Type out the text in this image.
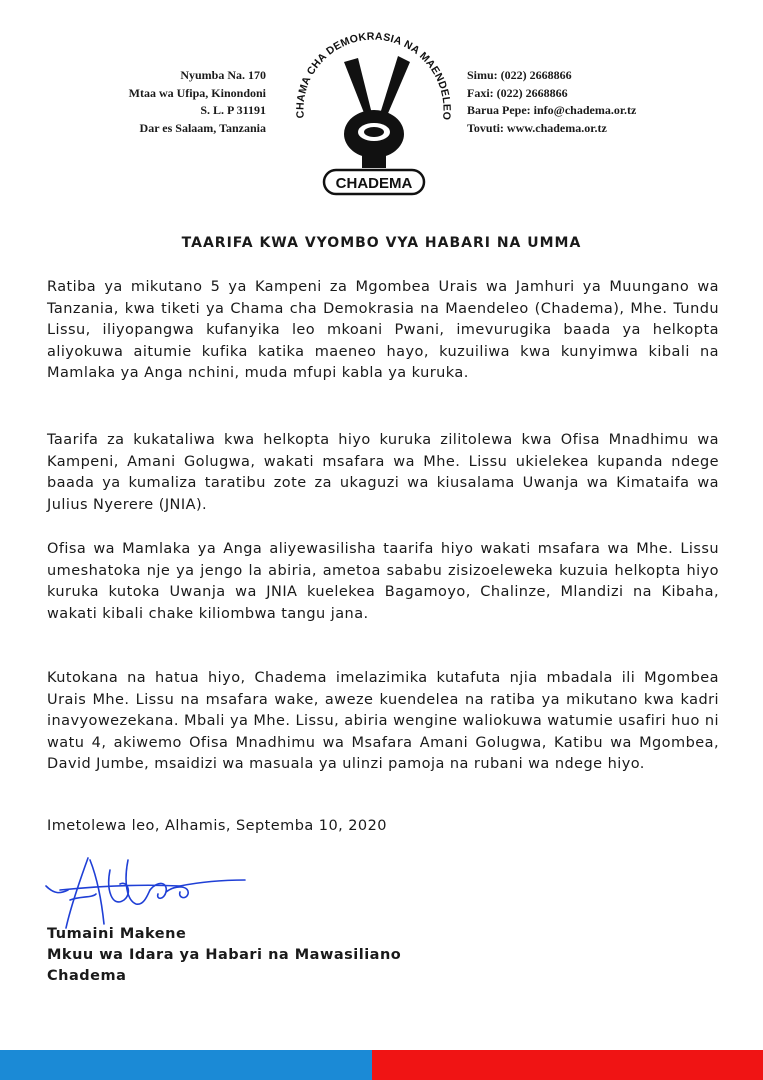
Nyumba Na. 170
Mtaa wa Ufipa, Kinondoni
S. L. P 31191
Dar es Salaam, Tanzania
CHAMA CHA DEMOKRASIA NA MAENDELEO
CHADEMA
Simu: (022) 2668866
Faxi: (022) 2668866
Barua Pepe: info@chadema.or.tz
Tovuti: www.chadema.or.tz
TAARIFA KWA VYOMBO VYA HABARI NA UMMA
Ratiba ya mikutano 5 ya Kampeni za Mgombea Urais wa Jamhuri ya Muungano wa Tanzania, kwa tiketi ya Chama cha Demokrasia na Maendeleo (Chadema), Mhe. Tundu Lissu, iliyopangwa kufanyika leo mkoani Pwani, imevurugika baada ya helkopta aliyokuwa aitumie kufika katika maeneo hayo, kuzuiliwa kwa kunyimwa kibali na Mamlaka ya Anga nchini, muda mfupi kabla ya kuruka.
Taarifa za kukataliwa kwa helkopta hiyo kuruka zilitolewa kwa Ofisa Mnadhimu wa Kampeni, Amani Golugwa, wakati msafara wa Mhe. Lissu ukielekea kupanda ndege baada ya kumaliza taratibu zote za ukaguzi wa kiusalama Uwanja wa Kimataifa wa Julius Nyerere (JNIA).
Ofisa wa Mamlaka ya Anga aliyewasilisha taarifa hiyo wakati msafara wa Mhe. Lissu umeshatoka nje ya jengo la abiria, ametoa sababu zisizoeleweka kuzuia helkopta hiyo kuruka kutoka Uwanja wa JNIA kuelekea Bagamoyo, Chalinze, Mlandizi na Kibaha, wakati kibali chake kiliombwa tangu jana.
Kutokana na hatua hiyo, Chadema imelazimika kutafuta njia mbadala ili Mgombea Urais Mhe. Lissu na msafara wake, aweze kuendelea na ratiba ya mikutano kwa kadri inavyowezekana. Mbali ya Mhe. Lissu, abiria wengine waliokuwa watumie usafiri huo ni watu 4, akiwemo Ofisa Mnadhimu wa Msafara Amani Golugwa, Katibu wa Mgombea, David Jumbe, msaidizi wa masuala ya ulinzi pamoja na rubani wa ndege hiyo.
Imetolewa leo, Alhamis, Septemba 10, 2020
Tumaini Makene
Mkuu wa Idara ya Habari na Mawasiliano
Chadema
